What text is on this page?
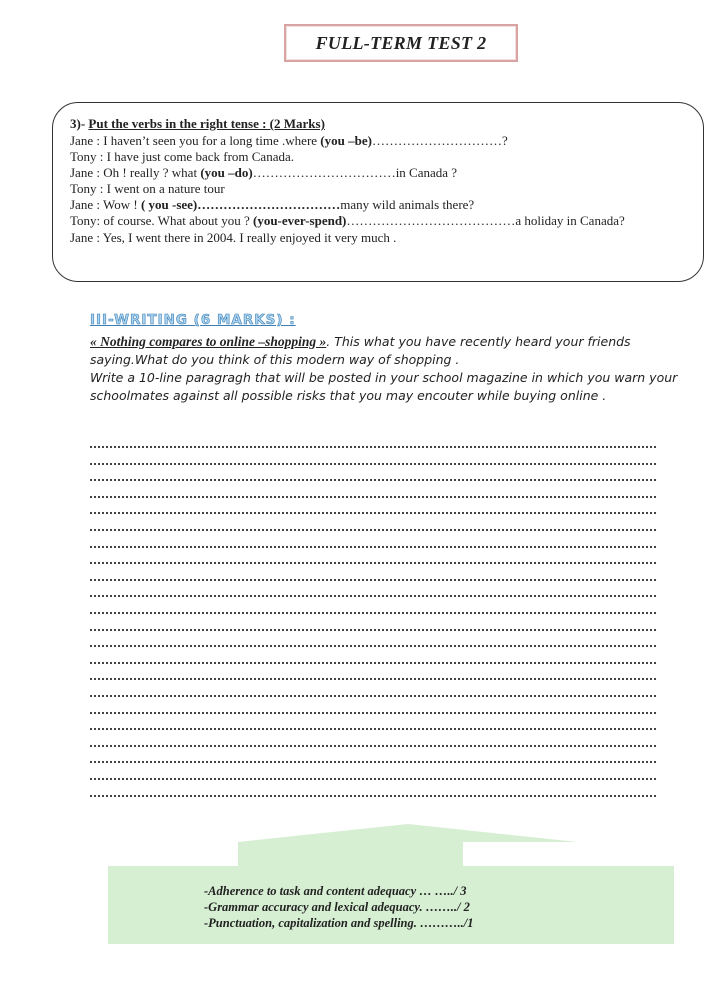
FULL-TERM TEST 2
3)- Put the verbs in the right tense : (2 Marks)
Jane : I haven’t seen you for a long time .where (you –be)…………………………?
Tony : I have just come back from Canada.
Jane : Oh ! really ? what (you –do)……………………………in Canada ?
Tony : I went on a nature tour
Jane : Wow ! ( you -see)……………………………many wild animals there?
Tony: of course. What about you ? (you-ever-spend)…………………………………a holiday in Canada?
Jane : Yes, I went there in 2004. I really enjoyed it very much .
III-WRITING (6 MARKS) :
« Nothing compares to online –shopping ». This what you have recently heard your friends
saying.What do you think of this modern way of shopping .
Write a 10-line paragragh that will be posted in your school magazine in which you warn your
schoolmates against all possible risks that you may encouter while buying online .
-Adherence to task and content adequacy … …../ 3
-Grammar accuracy and lexical adequacy. ……../ 2
-Punctuation, capitalization and spelling. ………../1
